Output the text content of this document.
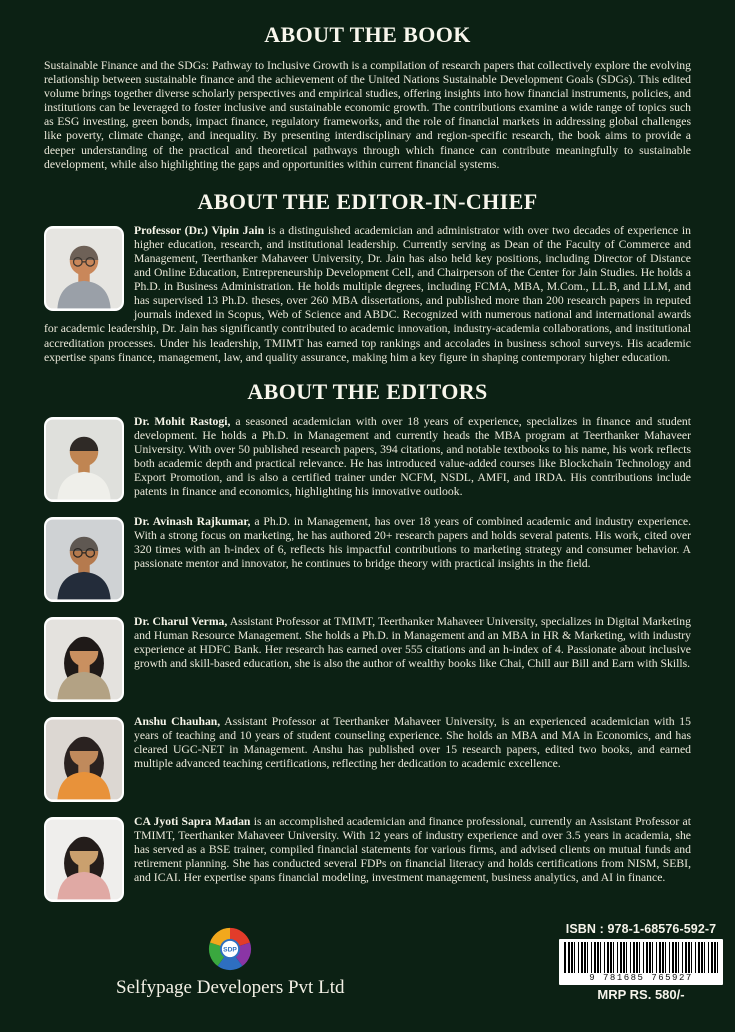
ABOUT THE BOOK

Sustainable Finance and the SDGs: Pathway to Inclusive Growth is a compilation of research papers that collectively explore the evolving relationship between sustainable finance and the achievement of the United Nations Sustainable Development Goals (SDGs). This edited volume brings together diverse scholarly perspectives and empirical studies, offering insights into how financial instruments, policies, and institutions can be leveraged to foster inclusive and sustainable economic growth. The contributions examine a wide range of topics such as ESG investing, green bonds, impact finance, regulatory frameworks, and the role of financial markets in addressing global challenges like poverty, climate change, and inequality. By presenting interdisciplinary and region-specific research, the book aims to provide a deeper understanding of the practical and theoretical pathways through which finance can contribute meaningfully to sustainable development, while also highlighting the gaps and opportunities within current financial systems.

ABOUT THE EDITOR-IN-CHIEF
Professor (Dr.) Vipin Jain is a distinguished academician and administrator with over two decades of experience in higher education, research, and institutional leadership. Currently serving as Dean of the Faculty of Commerce and Management, Teerthanker Mahaveer University, Dr. Jain has also held key positions, including Director of Distance and Online Education, Entrepreneurship Development Cell, and Chairperson of the Center for Jain Studies. He holds a Ph.D. in Business Administration. He holds multiple degrees, including FCMA, MBA, M.Com., LL.B, and LLM, and has supervised 13 Ph.D. theses, over 260 MBA dissertations, and published more than 200 research papers in reputed journals indexed in Scopus, Web of Science and ABDC. Recognized with numerous national and international awards for academic leadership, Dr. Jain has significantly contributed to academic innovation, industry-academia collaborations, and institutional accreditation processes. Under his leadership, TMIMT has earned top rankings and accolades in business school surveys. His academic expertise spans finance, management, law, and quality assurance, making him a key figure in shaping contemporary higher education.
ABOUT THE EDITORS
Dr. Mohit Rastogi, a seasoned academician with over 18 years of experience, specializes in finance and student development. He holds a Ph.D. in Management and currently heads the MBA program at Teerthanker Mahaveer University. With over 50 published research papers, 394 citations, and notable textbooks to his name, his work reflects both academic depth and practical relevance. He has introduced value-added courses like Blockchain Technology and Export Promotion, and is also a certified trainer under NCFM, NSDL, AMFI, and IRDA. His contributions include patents in finance and economics, highlighting his innovative outlook.
Dr. Avinash Rajkumar, a Ph.D. in Management, has over 18 years of combined academic and industry experience. With a strong focus on marketing, he has authored 20+ research papers and holds several patents. His work, cited over 320 times with an h-index of 6, reflects his impactful contributions to marketing strategy and consumer behavior. A passionate mentor and innovator, he continues to bridge theory with practical insights in the field.
Dr. Charul Verma, Assistant Professor at TMIMT, Teerthanker Mahaveer University, specializes in Digital Marketing and Human Resource Management. She holds a Ph.D. in Management and an MBA in HR & Marketing, with industry experience at HDFC Bank. Her research has earned over 555 citations and an h-index of 4. Passionate about inclusive growth and skill-based education, she is also the author of wealthy books like Chai, Chill aur Bill and Earn with Skills.
Anshu Chauhan, Assistant Professor at Teerthanker Mahaveer University, is an experienced academician with 15 years of teaching and 10 years of student counseling experience. She holds an MBA and MA in Economics, and has cleared UGC-NET in Management. Anshu has published over 15 research papers, edited two books, and earned multiple advanced teaching certifications, reflecting her dedication to academic excellence.
CA Jyoti Sapra Madan is an accomplished academician and finance professional, currently an Assistant Professor at TMIMT, Teerthanker Mahaveer University. With 12 years of industry experience and over 3.5 years in academia, she has served as a BSE trainer, compiled financial statements for various firms, and advised clients on mutual funds and retirement planning. She has conducted several FDPs on financial literacy and holds certifications from NISM, SEBI, and ICAI. Her expertise spans financial modeling, investment management, business analytics, and AI in finance.
SDP
Selfypage Developers Pvt Ltd
ISBN : 978-1-68576-592-7
9 781685 765927
MRP RS. 580/-
